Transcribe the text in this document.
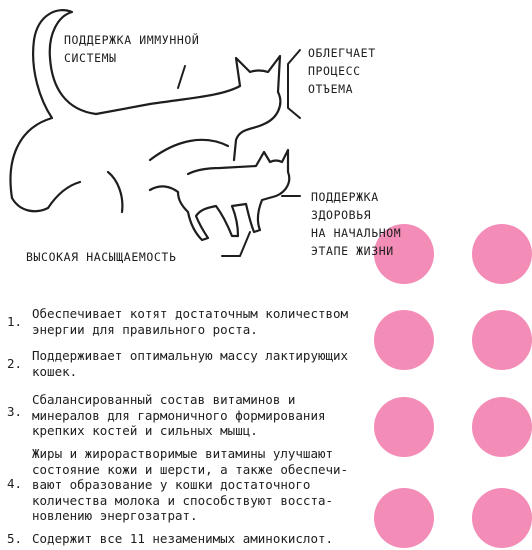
ПОДДЕРЖКА ИММУННОЙ
СИСТЕМЫ	ОБЛЕГЧАЕТ
ПРОЦЕСС
ОТЪЕМА
ПОДДЕРЖКА
ЗДОРОВЬЯ
НА НАЧАЛЬНОМ
ЭТАПЕ ЖИЗНИ
ВЫСОКАЯ НАСЫЩАЕМОСТЬ
1.
Обеспечивает котят достаточным количеством
энергии для правильного роста.
2.
Поддерживает оптимальную массу лактирующих
кошек.
3.
Сбалансированный состав витаминов и
минералов для гармоничного формирования
крепких костей и сильных мышц.
4.
Жиры и жирорастворимые витамины улучшают
состояние кожи и шерсти, а также обеспечи-
вают образование у кошки достаточного
количества молока и способствуют восста-
новлению энергозатрат.
5. Содержит все 11 незаменимых аминокислот.
